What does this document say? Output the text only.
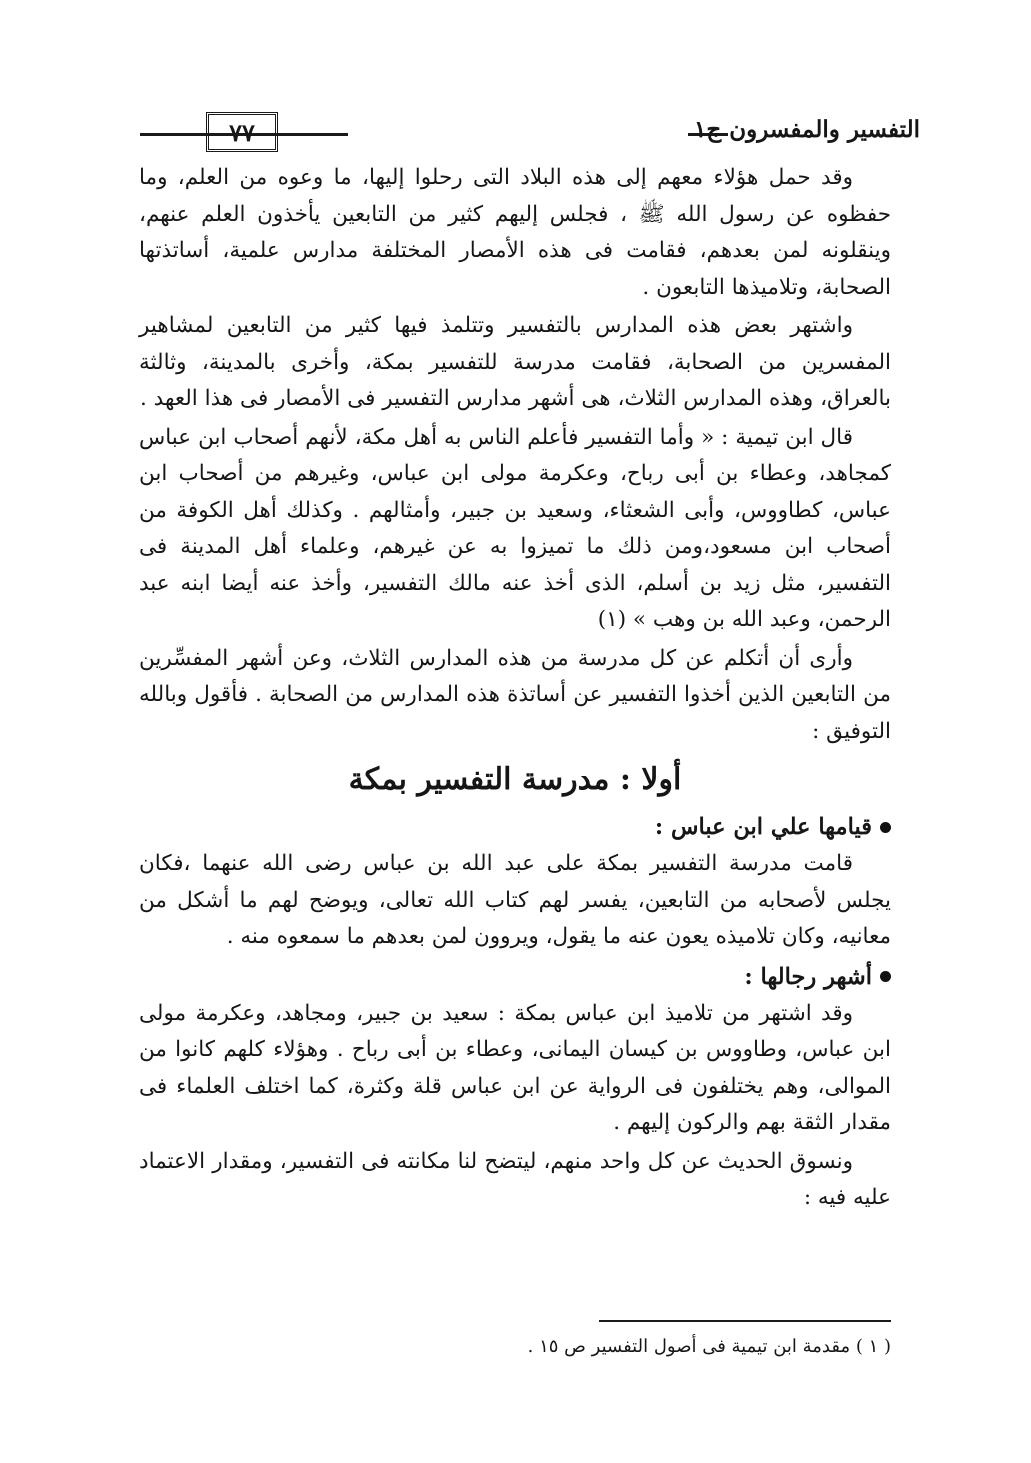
التفسير والمفسرون ج١
٧٧

وقد حمل هؤلاء معهم إلى هذه البلاد التى رحلوا إليها، ما وعوه من العلم، وما حفظوه عن رسول الله ﷺ ، فجلس إليهم كثير من التابعين يأخذون العلم عنهم، وينقلونه لمن بعدهم، فقامت فى هذه الأمصار المختلفة مدارس علمية، أساتذتها الصحابة، وتلاميذها التابعون .

واشتهر بعض هذه المدارس بالتفسير وتتلمذ فيها كثير من التابعين لمشاهير المفسرين من الصحابة، فقامت مدرسة للتفسير بمكة، وأخرى بالمدينة، وثالثة بالعراق، وهذه المدارس الثلاث، هى أشهر مدارس التفسير فى الأمصار فى هذا العهد .

قال ابن تيمية : « وأما التفسير فأعلم الناس به أهل مكة، لأنهم أصحاب ابن عباس كمجاهد، وعطاء بن أبى رباح، وعكرمة مولى ابن عباس، وغيرهم من أصحاب ابن عباس، كطاووس، وأبى الشعثاء، وسعيد بن جبير، وأمثالهم . وكذلك أهل الكوفة من أصحاب ابن مسعود،ومن ذلك ما تميزوا به عن غيرهم، وعلماء أهل المدينة فى التفسير، مثل زيد بن أسلم، الذى أخذ عنه مالك التفسير، وأخذ عنه أيضا ابنه عبد الرحمن، وعبد الله بن وهب » (١)

وأرى أن أتكلم عن كل مدرسة من هذه المدارس الثلاث، وعن أشهر المفسِّرين من التابعين الذين أخذوا التفسير عن أساتذة هذه المدارس من الصحابة . فأقول وبالله التوفيق :

أولا : مدرسة التفسير بمكة
قيامها علي ابن عباس :

قامت مدرسة التفسير بمكة على عبد الله بن عباس رضى الله عنهما ،فكان يجلس لأصحابه من التابعين، يفسر لهم كتاب الله تعالى، ويوضح لهم ما أشكل من معانيه، وكان تلاميذه يعون عنه ما يقول، ويروون لمن بعدهم ما سمعوه منه .

أشهر رجالها :

وقد اشتهر من تلاميذ ابن عباس بمكة : سعيد بن جبير، ومجاهد، وعكرمة مولى ابن عباس، وطاووس بن كيسان اليمانى، وعطاء بن أبى رباح . وهؤلاء كلهم كانوا من الموالى، وهم يختلفون فى الرواية عن ابن عباس قلة وكثرة، كما اختلف العلماء فى مقدار الثقة بهم والركون إليهم .

ونسوق الحديث عن كل واحد منهم، ليتضح لنا مكانته فى التفسير، ومقدار الاعتماد عليه فيه :

( ١ ) مقدمة ابن تيمية فى أصول التفسير ص ١٥ .
